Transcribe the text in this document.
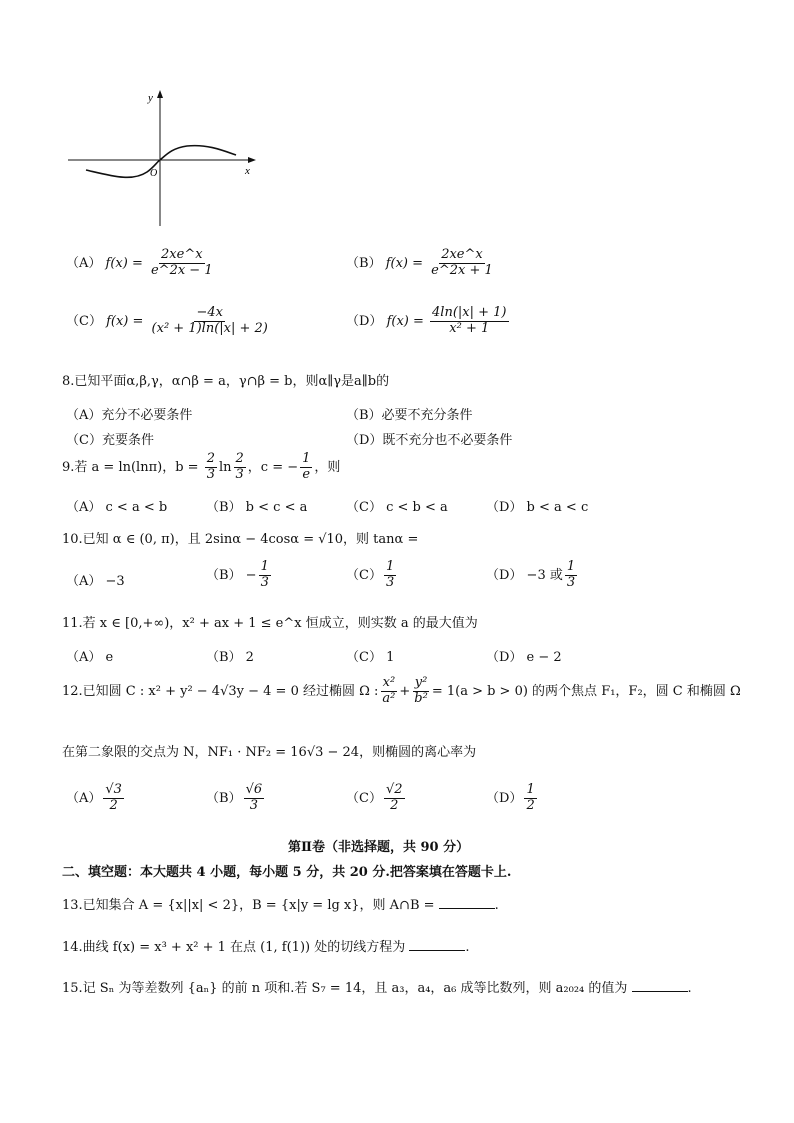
y
x
O
（A） $f(x) = \frac{2xe\^{}x}{e\^{}2x - 1}$	（B） $f(x) = \frac{2xe\^{}x}{e\^{}2x + 1}$
（C） $f(x) = \frac{-4x}{\text{(x² + 1)ln(|x| + 2)}}$	（D） $f(x) = \frac{4\ln(|x| + 1)}{\text{x² + 1}}$
8.已知平面α,β,γ，α∩β = a，γ∩β = b，则α∥γ是a∥b的
（A）充分不必要条件	（B）必要不充分条件
（C）充要条件	（D）既不充分也不必要条件
9.若 a = ln(lnπ)，$b = \frac{2}{3}$ $\ln \frac{2}{3}$ ，c = − $\frac{1}{e}$ ，则
（A） c < a < b	（B） b < c < a	（C） c < b < a	（D） b < a < c
10.已知 α ∈ (0, π)，且 2sinα − 4cosα = √10，则 tanα =
（A） −3	$(B) - \frac{1}{3}$	$(C) \frac{1}{3}$	（D） −3 或 $\frac{1}{3}$
11.若 x ∈ [0,+∞)，x² + ax + 1 ≤ e^x 恒成立，则实数 a 的最大值为
（A） e	（B） 2	（C） 1	（D） e − 2
12.已知圆 C : x² + y² − 4√3y − 4 = 0 经过椭圆 Ω : $\frac{\text{x²}}{\text{a²}} + \frac{\text{y²}}{\text{b²}} = 1(a > b > 0)$ 的两个焦点 F₁，F₂，圆 C 和椭圆 Ω
在第二象限的交点为 N，NF₁ · NF₂ = 16√3 − 24，则椭圆的离心率为
$(A) \frac{√3}{2}$	$(B) \frac{√6}{3}$	$(C) \frac{√2}{2}$	$(D) \frac{1}{2}$
第Ⅱ卷（非选择题，共 90 分）
二、填空题：本大题共 4 小题，每小题 5 分，共 20 分.把答案填在答题卡上.
13.已知集合 A = {x||x| < 2}，B = {x|y = lg x}，则 A∩B =	.
14.曲线 f(x) = x³ + x² + 1 在点 (1, f(1)) 处的切线方程为	.
15.记 Sₙ 为等差数列 {aₙ} 的前 n 项和.若 S₇ = 14，且 a₃，a₄，a₆ 成等比数列，则 a₂₀₂₄ 的值为	.
